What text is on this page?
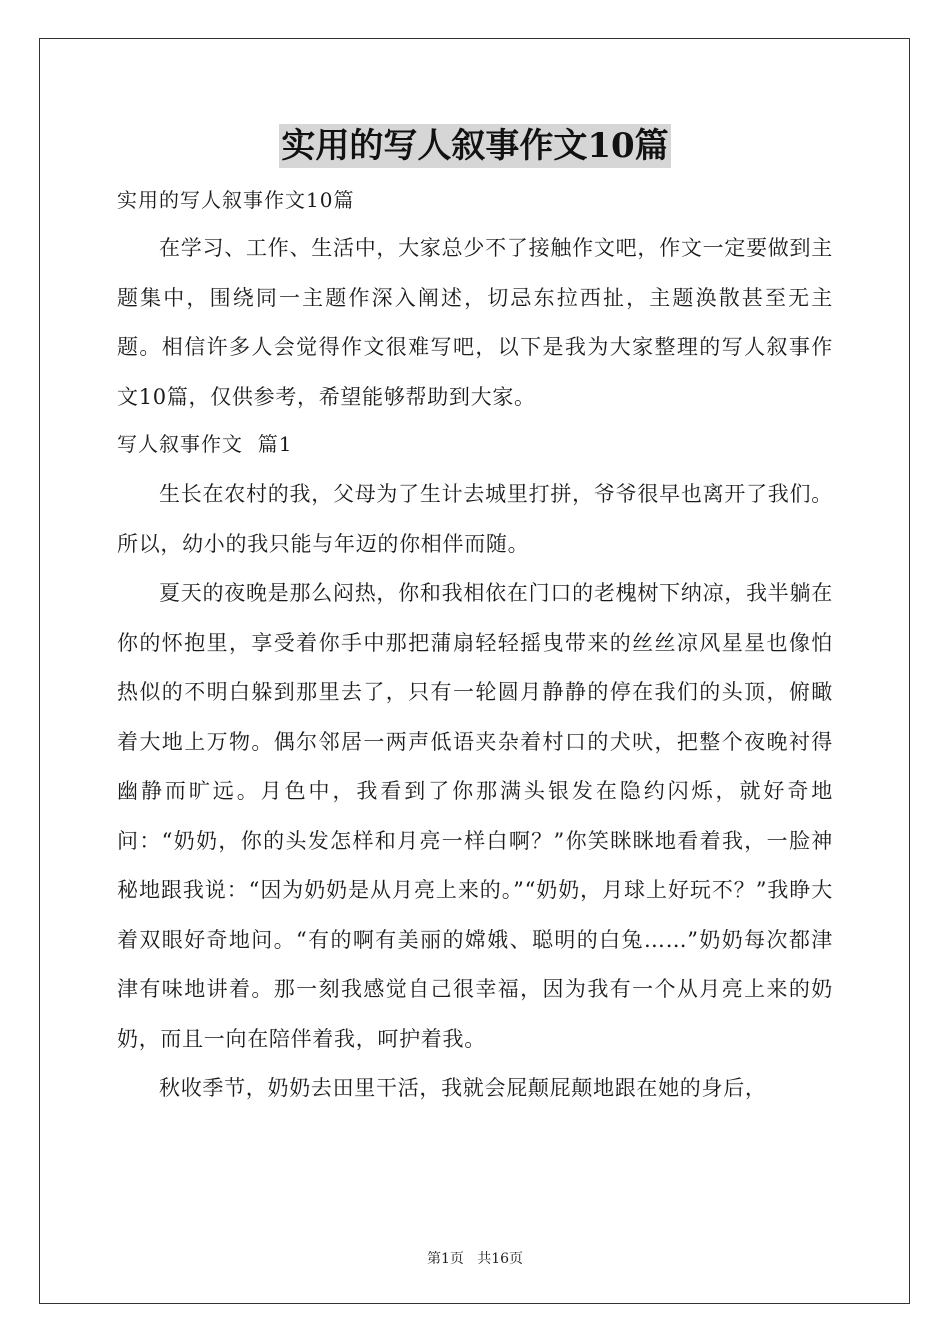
实用的写人叙事作文10篇

实用的写人叙事作文10篇

在学习、工作、生活中，大家总少不了接触作文吧，作文一定要做到主题集中，围绕同一主题作深入阐述，切忌东拉西扯，主题涣散甚至无主题。相信许多人会觉得作文很难写吧，以下是我为大家整理的写人叙事作文10篇，仅供参考，希望能够帮助到大家。

写人叙事作文  篇1

生长在农村的我，父母为了生计去城里打拼，爷爷很早也离开了我们。所以，幼小的我只能与年迈的你相伴而随。

夏天的夜晚是那么闷热，你和我相依在门口的老槐树下纳凉，我半躺在你的怀抱里，享受着你手中那把蒲扇轻轻摇曳带来的丝丝凉风星星也像怕热似的不明白躲到那里去了，只有一轮圆月静静的停在我们的头顶，俯瞰着大地上万物。偶尔邻居一两声低语夹杂着村口的犬吠，把整个夜晚衬得幽静而旷远。月色中，我看到了你那满头银发在隐约闪烁，就好奇地问：“奶奶，你的头发怎样和月亮一样白啊？”你笑眯眯地看着我，一脸神秘地跟我说：“因为奶奶是从月亮上来的。”“奶奶，月球上好玩不？”我睁大着双眼好奇地问。“有的啊有美丽的嫦娥、聪明的白兔……”奶奶每次都津津有味地讲着。那一刻我感觉自己很幸福，因为我有一个从月亮上来的奶奶，而且一向在陪伴着我，呵护着我。

秋收季节，奶奶去田里干活，我就会屁颠屁颠地跟在她的身后，

第1页   共16页
